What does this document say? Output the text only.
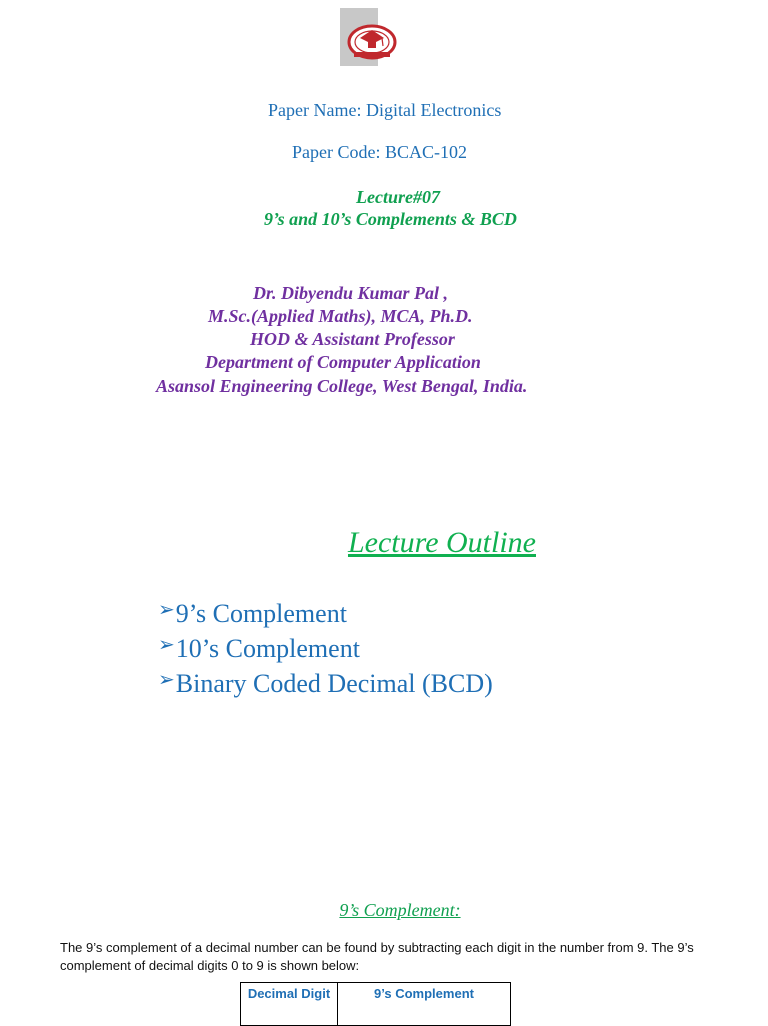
Paper Name: Digital Electronics
Paper Code: BCAC-102
Lecture#07
9’s and 10’s Complements & BCD
Dr. Dibyendu Kumar Pal ,
M.Sc.(Applied Maths), MCA, Ph.D.
HOD & Assistant Professor
Department of Computer Application
Asansol Engineering College, West Bengal, India.
Lecture Outline
➢9’s Complement
➢10’s Complement
➢Binary Coded Decimal (BCD)
9’s Complement:
The 9’s complement of a decimal number can be found by subtracting each digit in the number from 9. The 9’s
complement of decimal digits 0 to 9 is shown below:
Decimal Digit	9’s Complement
